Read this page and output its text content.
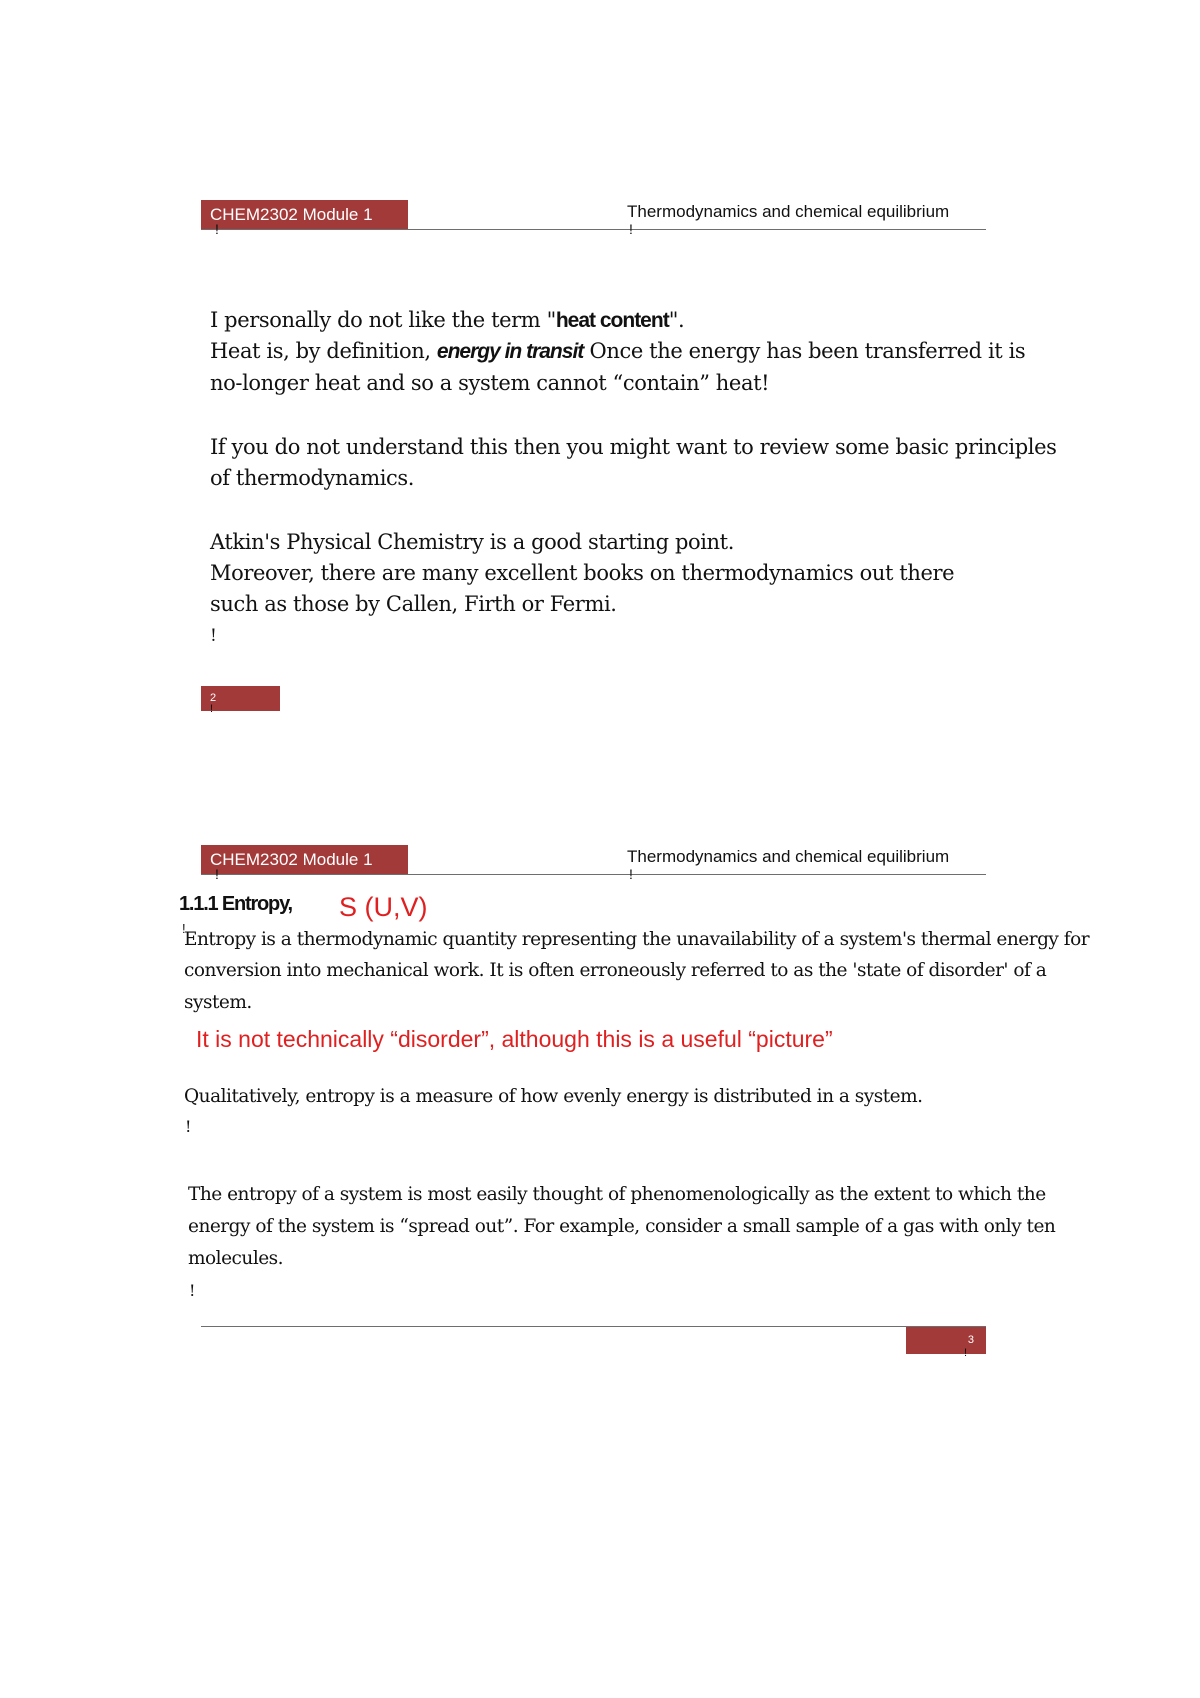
CHEM2302 Module 1	Thermodynamics and chemical equilibrium
!	!
I personally do not like the term "heat content".
Heat is, by definition, energy in transit Once the energy has been transferred it is
no-longer heat and so a system cannot “contain” heat!
If you do not understand this then you might want to review some basic principles
of thermodynamics.
Atkin's Physical Chemistry is a good starting point.
Moreover, there are many excellent books on thermodynamics out there
such as those by Callen, Firth or Fermi.
!
2
!
CHEM2302 Module 1	Thermodynamics and chemical equilibrium
!	!
1.1.1 Entropy, S (U,V)
!
Entropy is a thermodynamic quantity representing the unavailability of a system's thermal energy for
conversion into mechanical work. It is often erroneously referred to as the 'state of disorder' of a
system.
It is not technically “disorder”, although this is a useful “picture”
Qualitatively, entropy is a measure of how evenly energy is distributed in a system.
!
The entropy of a system is most easily thought of phenomenologically as the extent to which the
energy of the system is “spread out”. For example, consider a small sample of a gas with only ten
molecules.
!
3
!
